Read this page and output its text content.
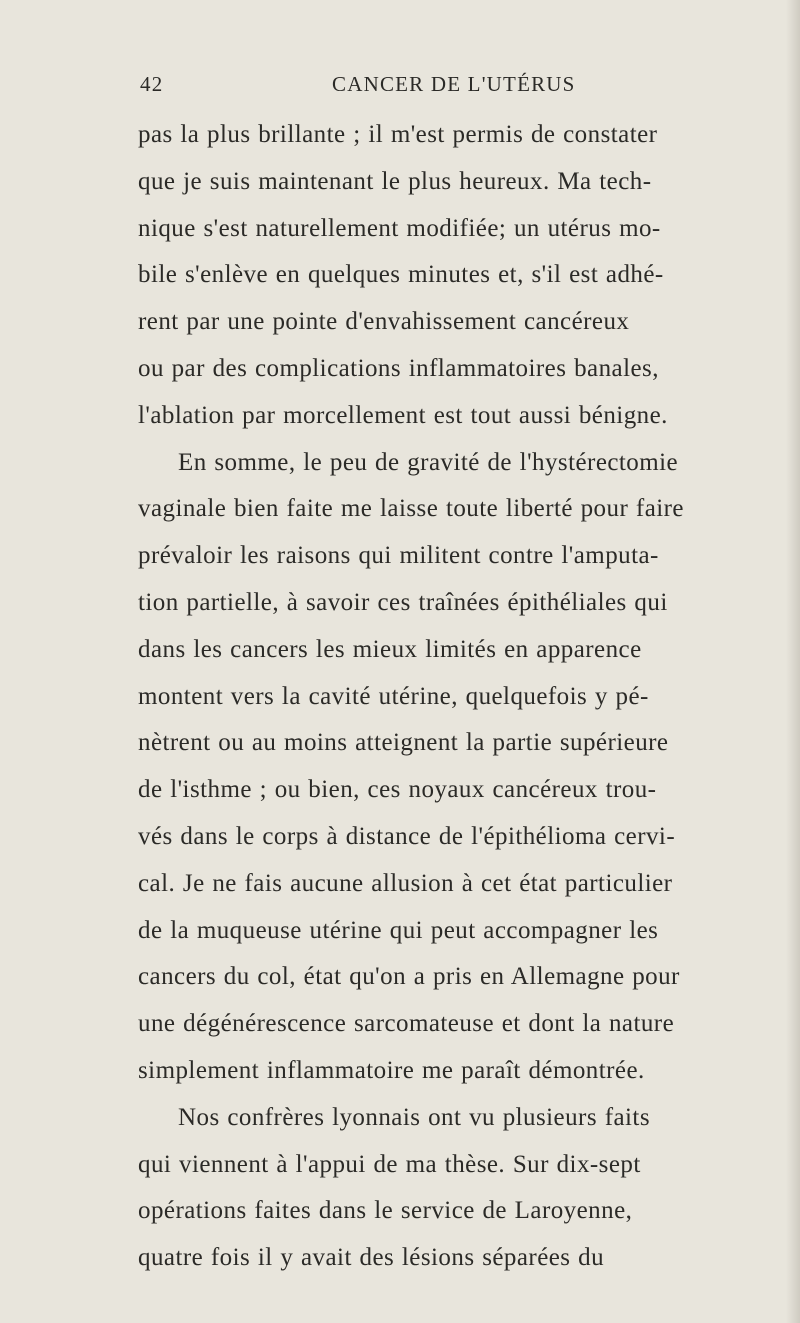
42	CANCER DE L'UTÉRUS
pas la plus brillante ; il m'est permis de constater
que je suis maintenant le plus heureux. Ma tech-
nique s'est naturellement modifiée; un utérus mo-
bile s'enlève en quelques minutes et, s'il est adhé-
rent par une pointe d'envahissement cancéreux
ou par des complications inflammatoires banales,
l'ablation par morcellement est tout aussi bénigne.
En somme, le peu de gravité de l'hystérectomie
vaginale bien faite me laisse toute liberté pour faire
prévaloir les raisons qui militent contre l'amputa-
tion partielle, à savoir ces traînées épithéliales qui
dans les cancers les mieux limités en apparence
montent vers la cavité utérine, quelquefois y pé-
nètrent ou au moins atteignent la partie supérieure
de l'isthme ; ou bien, ces noyaux cancéreux trou-
vés dans le corps à distance de l'épithélioma cervi-
cal. Je ne fais aucune allusion à cet état particulier
de la muqueuse utérine qui peut accompagner les
cancers du col, état qu'on a pris en Allemagne pour
une dégénérescence sarcomateuse et dont la nature
simplement inflammatoire me paraît démontrée.
Nos confrères lyonnais ont vu plusieurs faits
qui viennent à l'appui de ma thèse. Sur dix-sept
opérations faites dans le service de Laroyenne,
quatre fois il y avait des lésions séparées du
